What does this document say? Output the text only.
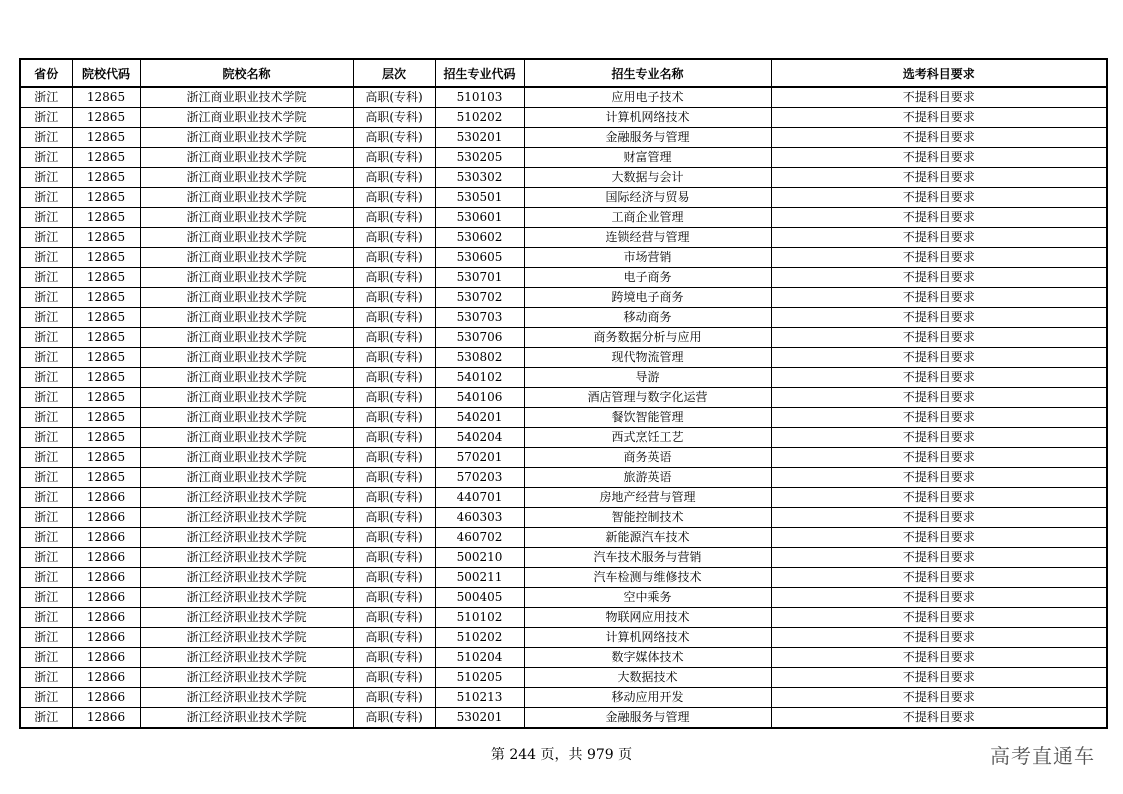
省份	院校代码	院校名称	层次	招生专业代码	招生专业名称	选考科目要求
浙江	12865	浙江商业职业技术学院	高职(专科)	510103	应用电子技术	不提科目要求
浙江	12865	浙江商业职业技术学院	高职(专科)	510202	计算机网络技术	不提科目要求
浙江	12865	浙江商业职业技术学院	高职(专科)	530201	金融服务与管理	不提科目要求
浙江	12865	浙江商业职业技术学院	高职(专科)	530205	财富管理	不提科目要求
浙江	12865	浙江商业职业技术学院	高职(专科)	530302	大数据与会计	不提科目要求
浙江	12865	浙江商业职业技术学院	高职(专科)	530501	国际经济与贸易	不提科目要求
浙江	12865	浙江商业职业技术学院	高职(专科)	530601	工商企业管理	不提科目要求
浙江	12865	浙江商业职业技术学院	高职(专科)	530602	连锁经营与管理	不提科目要求
浙江	12865	浙江商业职业技术学院	高职(专科)	530605	市场营销	不提科目要求
浙江	12865	浙江商业职业技术学院	高职(专科)	530701	电子商务	不提科目要求
浙江	12865	浙江商业职业技术学院	高职(专科)	530702	跨境电子商务	不提科目要求
浙江	12865	浙江商业职业技术学院	高职(专科)	530703	移动商务	不提科目要求
浙江	12865	浙江商业职业技术学院	高职(专科)	530706	商务数据分析与应用	不提科目要求
浙江	12865	浙江商业职业技术学院	高职(专科)	530802	现代物流管理	不提科目要求
浙江	12865	浙江商业职业技术学院	高职(专科)	540102	导游	不提科目要求
浙江	12865	浙江商业职业技术学院	高职(专科)	540106	酒店管理与数字化运营	不提科目要求
浙江	12865	浙江商业职业技术学院	高职(专科)	540201	餐饮智能管理	不提科目要求
浙江	12865	浙江商业职业技术学院	高职(专科)	540204	西式烹饪工艺	不提科目要求
浙江	12865	浙江商业职业技术学院	高职(专科)	570201	商务英语	不提科目要求
浙江	12865	浙江商业职业技术学院	高职(专科)	570203	旅游英语	不提科目要求
浙江	12866	浙江经济职业技术学院	高职(专科)	440701	房地产经营与管理	不提科目要求
浙江	12866	浙江经济职业技术学院	高职(专科)	460303	智能控制技术	不提科目要求
浙江	12866	浙江经济职业技术学院	高职(专科)	460702	新能源汽车技术	不提科目要求
浙江	12866	浙江经济职业技术学院	高职(专科)	500210	汽车技术服务与营销	不提科目要求
浙江	12866	浙江经济职业技术学院	高职(专科)	500211	汽车检测与维修技术	不提科目要求
浙江	12866	浙江经济职业技术学院	高职(专科)	500405	空中乘务	不提科目要求
浙江	12866	浙江经济职业技术学院	高职(专科)	510102	物联网应用技术	不提科目要求
浙江	12866	浙江经济职业技术学院	高职(专科)	510202	计算机网络技术	不提科目要求
浙江	12866	浙江经济职业技术学院	高职(专科)	510204	数字媒体技术	不提科目要求
浙江	12866	浙江经济职业技术学院	高职(专科)	510205	大数据技术	不提科目要求
浙江	12866	浙江经济职业技术学院	高职(专科)	510213	移动应用开发	不提科目要求
浙江	12866	浙江经济职业技术学院	高职(专科)	530201	金融服务与管理	不提科目要求
第 244 页，共 979 页	高考直通车
